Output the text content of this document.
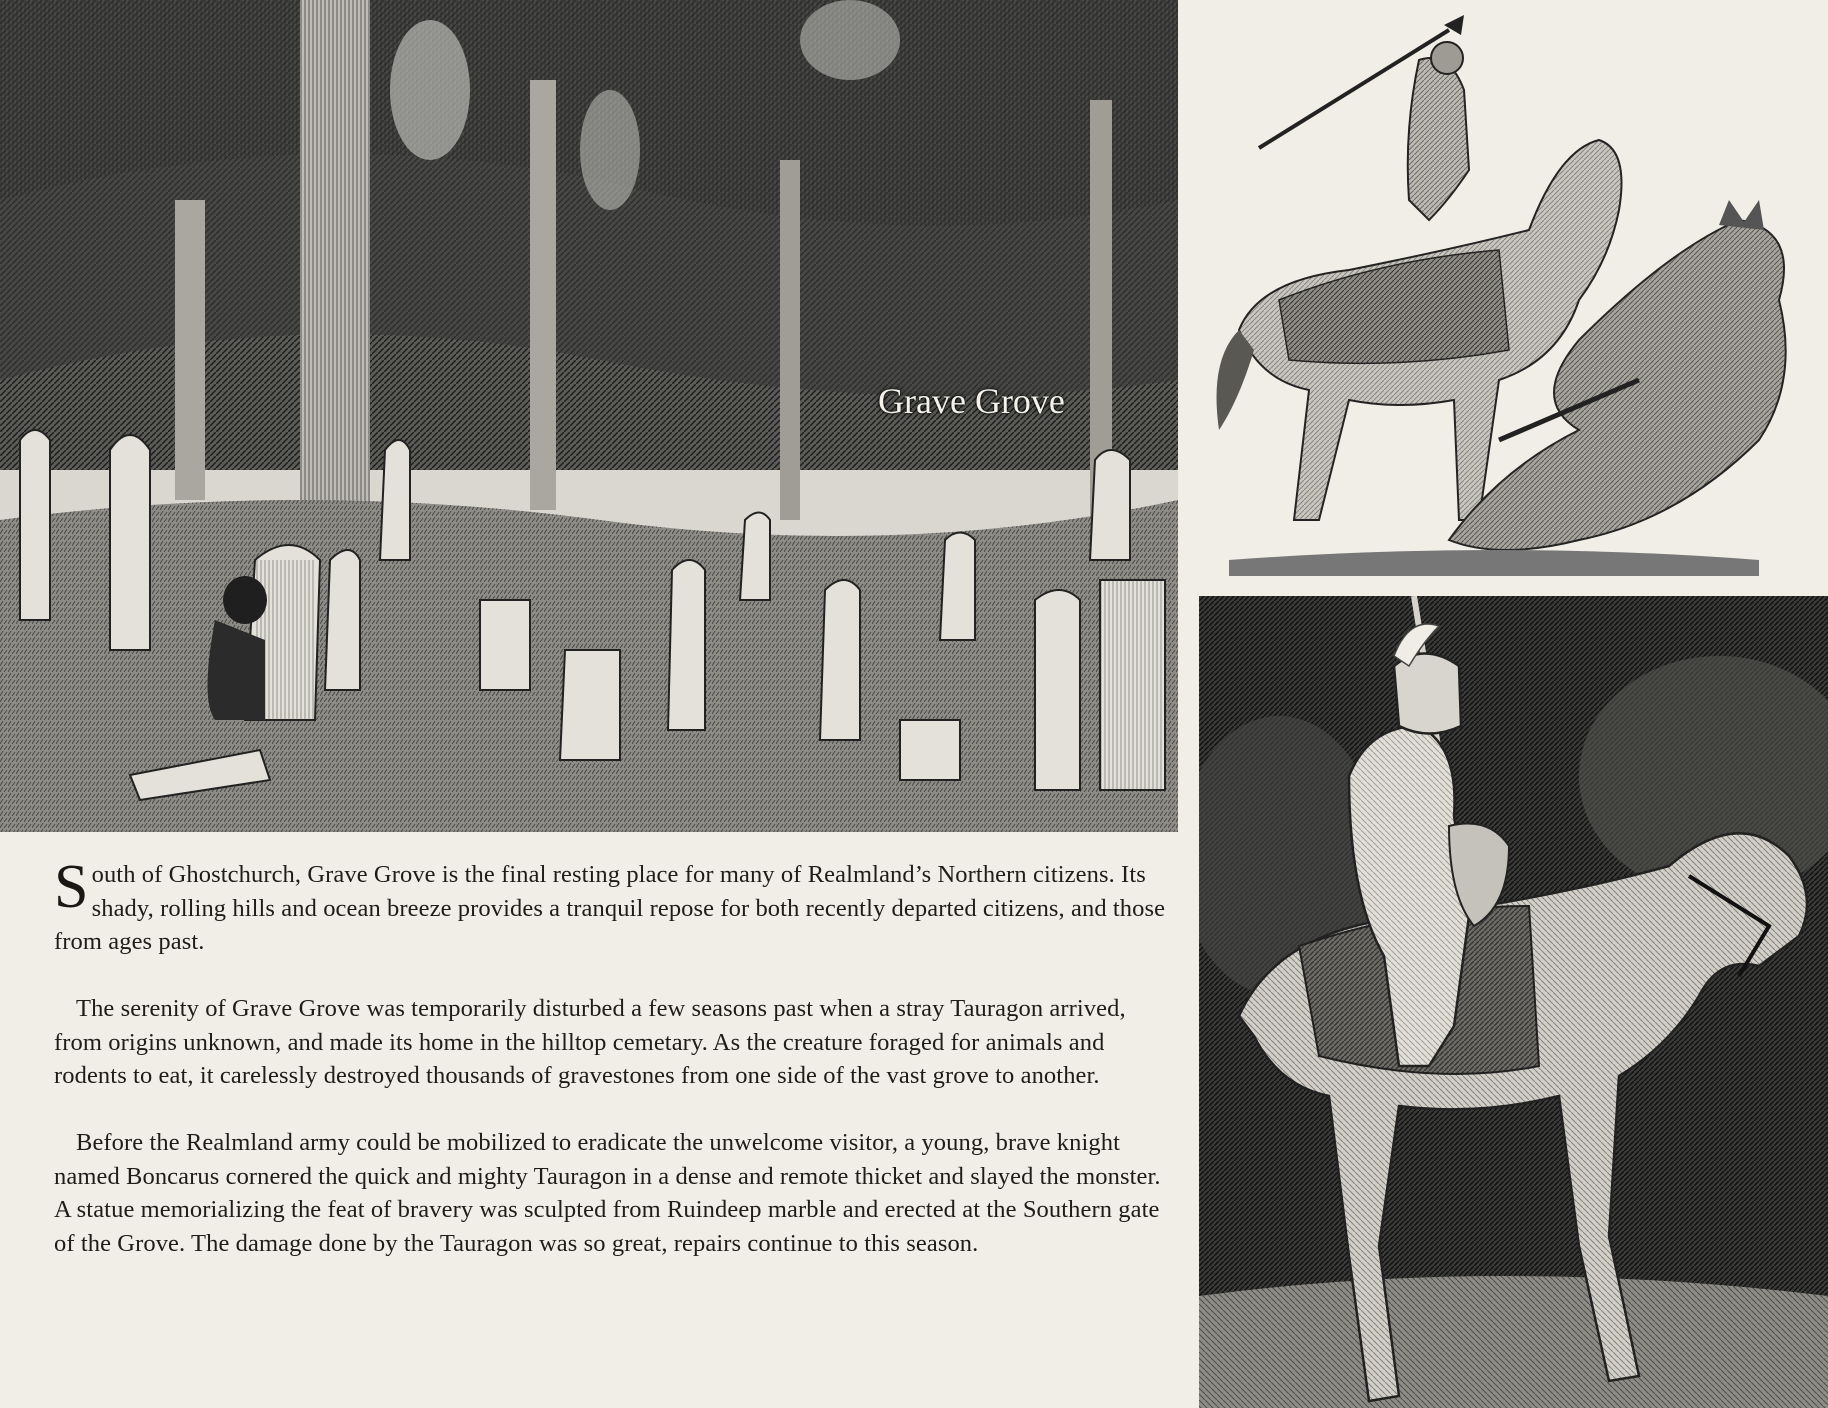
Grave Grove

South of Ghostchurch, Grave Grove is the final resting place for many of Realmland’s Northern citizens. Its shady, rolling hills and ocean breeze provides a tranquil repose for both recently departed citizens, and those from ages past.

The serenity of Grave Grove was temporarily disturbed a few seasons past when a stray Tauragon arrived, from origins unknown, and made its home in the hilltop cemetary. As the creature foraged for animals and rodents to eat, it carelessly destroyed thousands of gravestones from one side of the vast grove to another.

Before the Realmland army could be mobilized to eradicate the unwelcome visitor, a young, brave knight named Boncarus cornered the quick and mighty Tauragon in a dense and remote thicket and slayed the monster. A statue memorializing the feat of bravery was sculpted from Ruindeep marble and erected at the Southern gate of the Grove. The damage done by the Tauragon was so great, repairs continue to this season.
